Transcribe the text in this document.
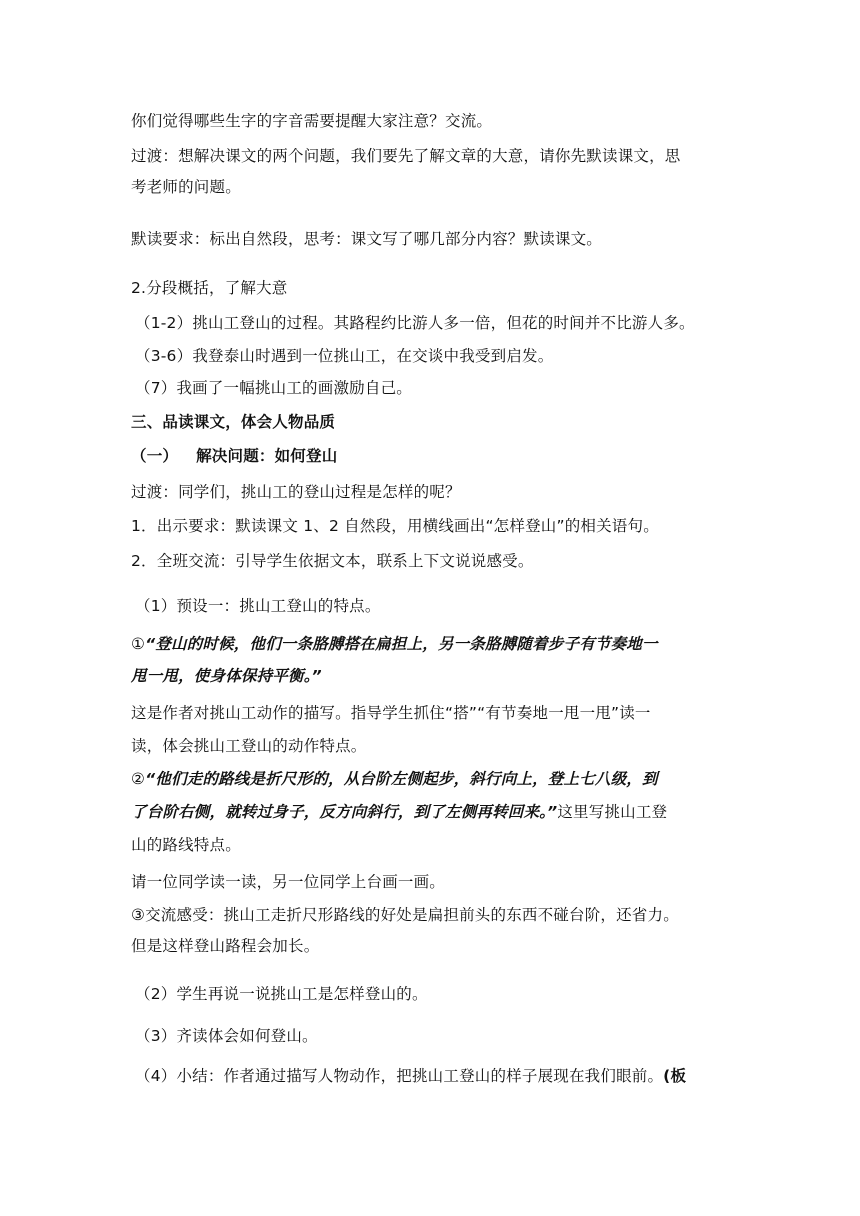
你们觉得哪些生字的字音需要提醒大家注意？交流。
过渡：想解决课文的两个问题，我们要先了解文章的大意，请你先默读课文，思
考老师的问题。
默读要求：标出自然段，思考：课文写了哪几部分内容？默读课文。
2.分段概括，了解大意
（1-2）挑山工登山的过程。其路程约比游人多一倍，但花的时间并不比游人多。
（3-6）我登泰山时遇到一位挑山工，在交谈中我受到启发。
（7）我画了一幅挑山工的画激励自己。
三、品读课文，体会人物品质
（一） 解决问题：如何登山
过渡：同学们，挑山工的登山过程是怎样的呢？
1．出示要求：默读课文 1、2 自然段，用横线画出“怎样登山”的相关语句。
2．全班交流：引导学生依据文本，联系上下文说说感受。
（1）预设一：挑山工登山的特点。
①“登山的时候，他们一条胳膊搭在扁担上，另一条胳膊随着步子有节奏地一
甩一甩，使身体保持平衡。”
这是作者对挑山工动作的描写。指导学生抓住“搭”“有节奏地一甩一甩”读一
读，体会挑山工登山的动作特点。
②“他们走的路线是折尺形的，从台阶左侧起步，斜行向上，登上七八级，到
了台阶右侧，就转过身子，反方向斜行，到了左侧再转回来。”这里写挑山工登
山的路线特点。
请一位同学读一读，另一位同学上台画一画。
③交流感受：挑山工走折尺形路线的好处是扁担前头的东西不碰台阶，还省力。
但是这样登山路程会加长。
（2）学生再说一说挑山工是怎样登山的。
（3）齐读体会如何登山。
（4）小结：作者通过描写人物动作，把挑山工登山的样子展现在我们眼前。(板
